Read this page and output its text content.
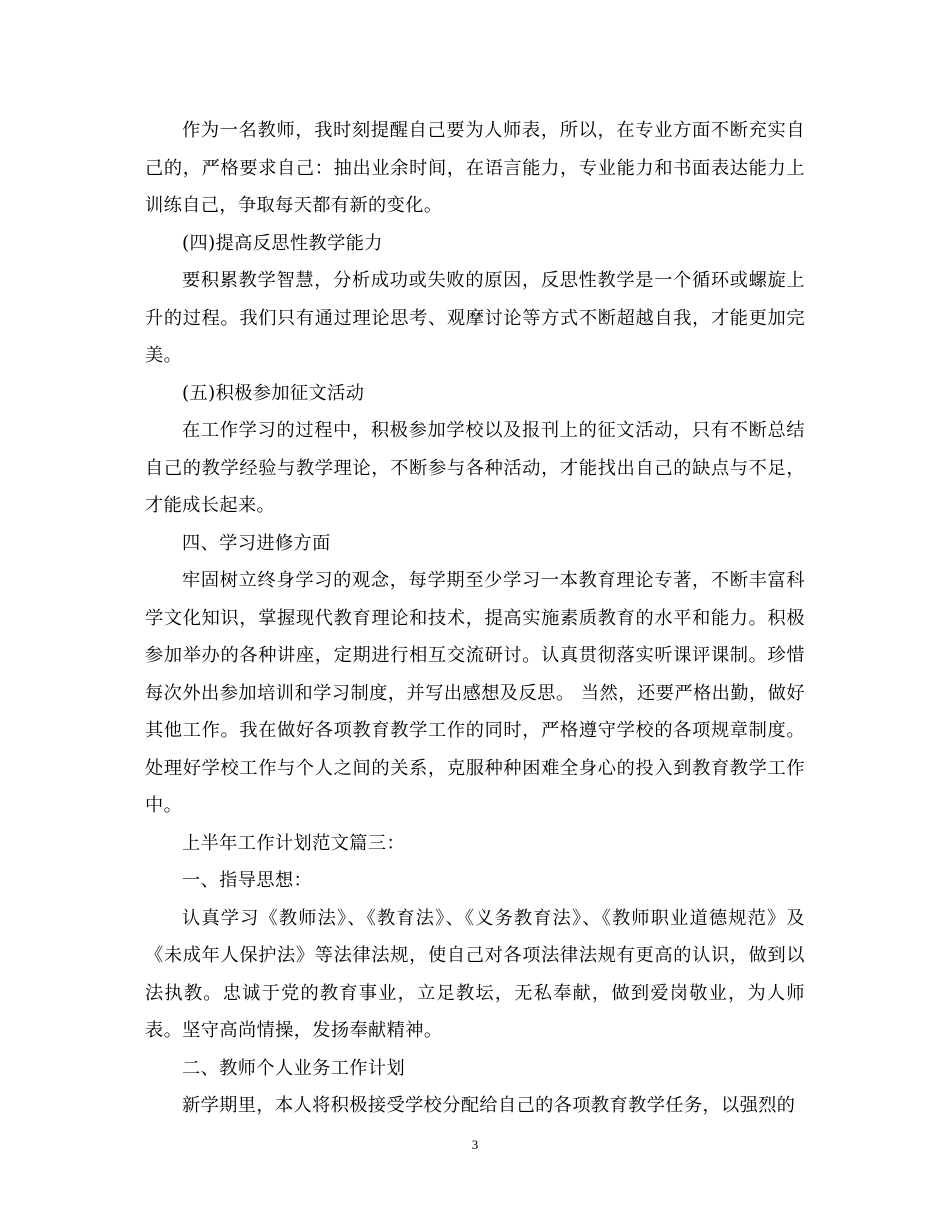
作为一名教师，我时刻提醒自己要为人师表，所以，在专业方面不断充实自己的，严格要求自己：抽出业余时间，在语言能力，专业能力和书面表达能力上训练自己，争取每天都有新的变化。

(四)提高反思性教学能力

要积累教学智慧，分析成功或失败的原因，反思性教学是一个循环或螺旋上升的过程。我们只有通过理论思考、观摩讨论等方式不断超越自我，才能更加完美。

(五)积极参加征文活动

在工作学习的过程中，积极参加学校以及报刊上的征文活动，只有不断总结自己的教学经验与教学理论，不断参与各种活动，才能找出自己的缺点与不足，才能成长起来。

四、学习进修方面

牢固树立终身学习的观念，每学期至少学习一本教育理论专著，不断丰富科学文化知识，掌握现代教育理论和技术，提高实施素质教育的水平和能力。积极参加举办的各种讲座，定期进行相互交流研讨。认真贯彻落实听课评课制。珍惜每次外出参加培训和学习制度，并写出感想及反思。 当然，还要严格出勤，做好其他工作。我在做好各项教育教学工作的同时，严格遵守学校的各项规章制度。处理好学校工作与个人之间的关系，克服种种困难全身心的投入到教育教学工作中。

上半年工作计划范文篇三：

一、指导思想：

认真学习《教师法》、《教育法》、《义务教育法》、《教师职业道德规范》及《未成年人保护法》等法律法规，使自己对各项法律法规有更高的认识，做到以法执教。忠诚于党的教育事业，立足教坛，无私奉献，做到爱岗敬业，为人师表。坚守高尚情操，发扬奉献精神。

二、教师个人业务工作计划

新学期里，本人将积极接受学校分配给自己的各项教育教学任务，以强烈的

3
